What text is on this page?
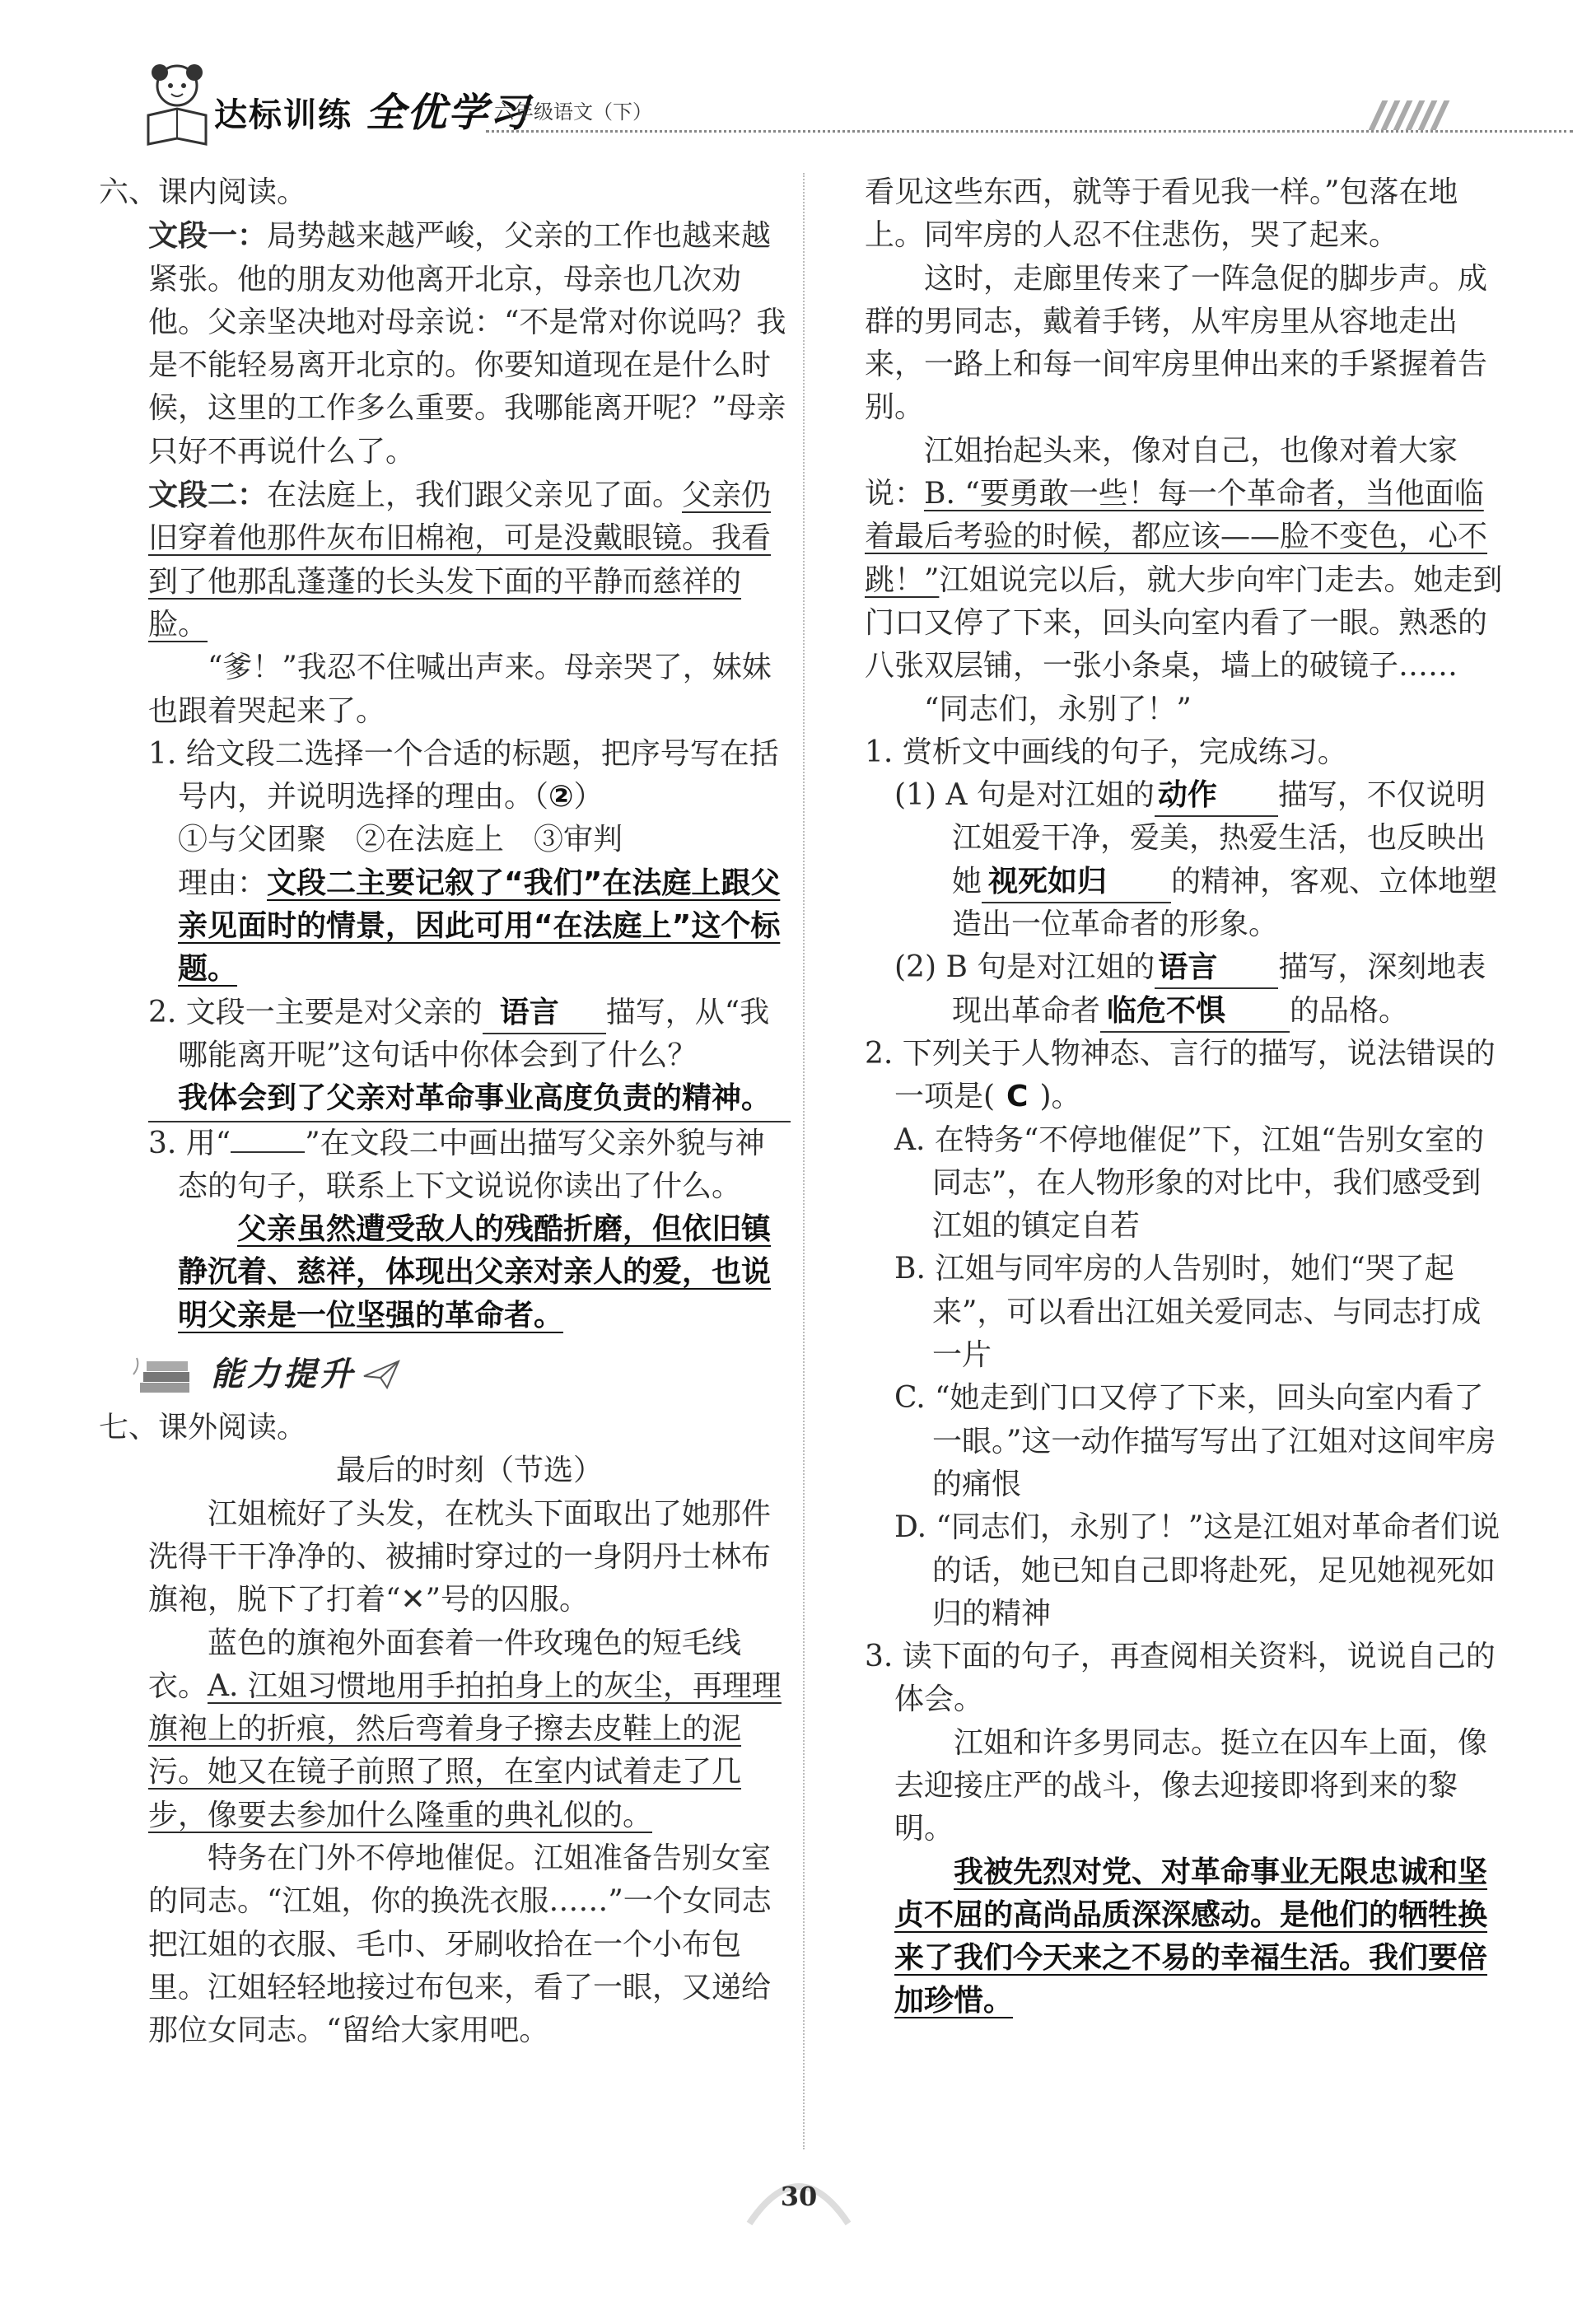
达标训练 全优学习
六年级语文（下）

六、课内阅读。

文段一：局势越来越严峻，父亲的工作也越来越紧张。他的朋友劝他离开北京，母亲也几次劝他。父亲坚决地对母亲说：“不是常对你说吗？我是不能轻易离开北京的。你要知道现在是什么时候，这里的工作多么重要。我哪能离开呢？”母亲只好不再说什么了。

文段二：在法庭上，我们跟父亲见了面。父亲仍旧穿着他那件灰布旧棉袍，可是没戴眼镜。我看到了他那乱蓬蓬的长头发下面的平静而慈祥的脸。

“爹！”我忍不住喊出声来。母亲哭了，妹妹也跟着哭起来了。

1. 给文段二选择一个合适的标题，把序号写在括号内，并说明选择的理由。（②）

①与父团聚　②在法庭上　③审判

理由：文段二主要记叙了“我们”在法庭上跟父亲见面时的情景，因此可用“在法庭上”这个标题。

2. 文段一主要是对父亲的 语言 描写，从“我哪能离开呢”这句话中你体会到了什么？

我体会到了父亲对革命事业高度负责的精神。

3. 用“	”在文段二中画出描写父亲外貌与神态的句子，联系上下文说说你读出了什么。

父亲虽然遭受敌人的残酷折磨，但依旧镇静沉着、慈祥，体现出父亲对亲人的爱，也说明父亲是一位坚强的革命者。

能力提升

七、课外阅读。

最后的时刻（节选）

江姐梳好了头发，在枕头下面取出了她那件洗得干干净净的、被捕时穿过的一身阴丹士林布旗袍，脱下了打着“✕”号的囚服。

蓝色的旗袍外面套着一件玫瑰色的短毛线衣。A. 江姐习惯地用手拍拍身上的灰尘，再理理旗袍上的折痕，然后弯着身子擦去皮鞋上的泥污。她又在镜子前照了照，在室内试着走了几步，像要去参加什么隆重的典礼似的。

特务在门外不停地催促。江姐准备告别女室的同志。“江姐，你的换洗衣服……”一个女同志把江姐的衣服、毛巾、牙刷收拾在一个小布包里。江姐轻轻地接过布包来，看了一眼，又递给那位女同志。“留给大家用吧。

看见这些东西，就等于看见我一样。”包落在地上。同牢房的人忍不住悲伤，哭了起来。

这时，走廊里传来了一阵急促的脚步声。成群的男同志，戴着手铐，从牢房里从容地走出来，一路上和每一间牢房里伸出来的手紧握着告别。

江姐抬起头来，像对自己，也像对着大家说：B. “要勇敢一些！每一个革命者，当他面临着最后考验的时候，都应该——脸不变色，心不跳！”江姐说完以后，就大步向牢门走去。她走到门口又停了下来，回头向室内看了一眼。熟悉的八张双层铺，一张小条桌，墙上的破镜子……

“同志们，永别了！”

1. 赏析文中画线的句子，完成练习。

(1) A 句是对江姐的 动作 描写，不仅说明江姐爱干净，爱美，热爱生活，也反映出她 视死如归 的精神，客观、立体地塑造出一位革命者的形象。

(2) B 句是对江姐的 语言 描写，深刻地表现出革命者 临危不惧 的品格。

2. 下列关于人物神态、言行的描写，说法错误的一项是( C )。

A. 在特务“不停地催促”下，江姐“告别女室的同志”，在人物形象的对比中，我们感受到江姐的镇定自若

B. 江姐与同牢房的人告别时，她们“哭了起来”，可以看出江姐关爱同志、与同志打成一片

C. “她走到门口又停了下来，回头向室内看了一眼。”这一动作描写写出了江姐对这间牢房的痛恨

D. “同志们，永别了！”这是江姐对革命者们说的话，她已知自己即将赴死，足见她视死如归的精神

3. 读下面的句子，再查阅相关资料，说说自己的体会。

江姐和许多男同志。挺立在囚车上面，像去迎接庄严的战斗，像去迎接即将到来的黎明。

我被先烈对党、对革命事业无限忠诚和坚贞不屈的高尚品质深深感动。是他们的牺牲换来了我们今天来之不易的幸福生活。我们要倍加珍惜。

30
